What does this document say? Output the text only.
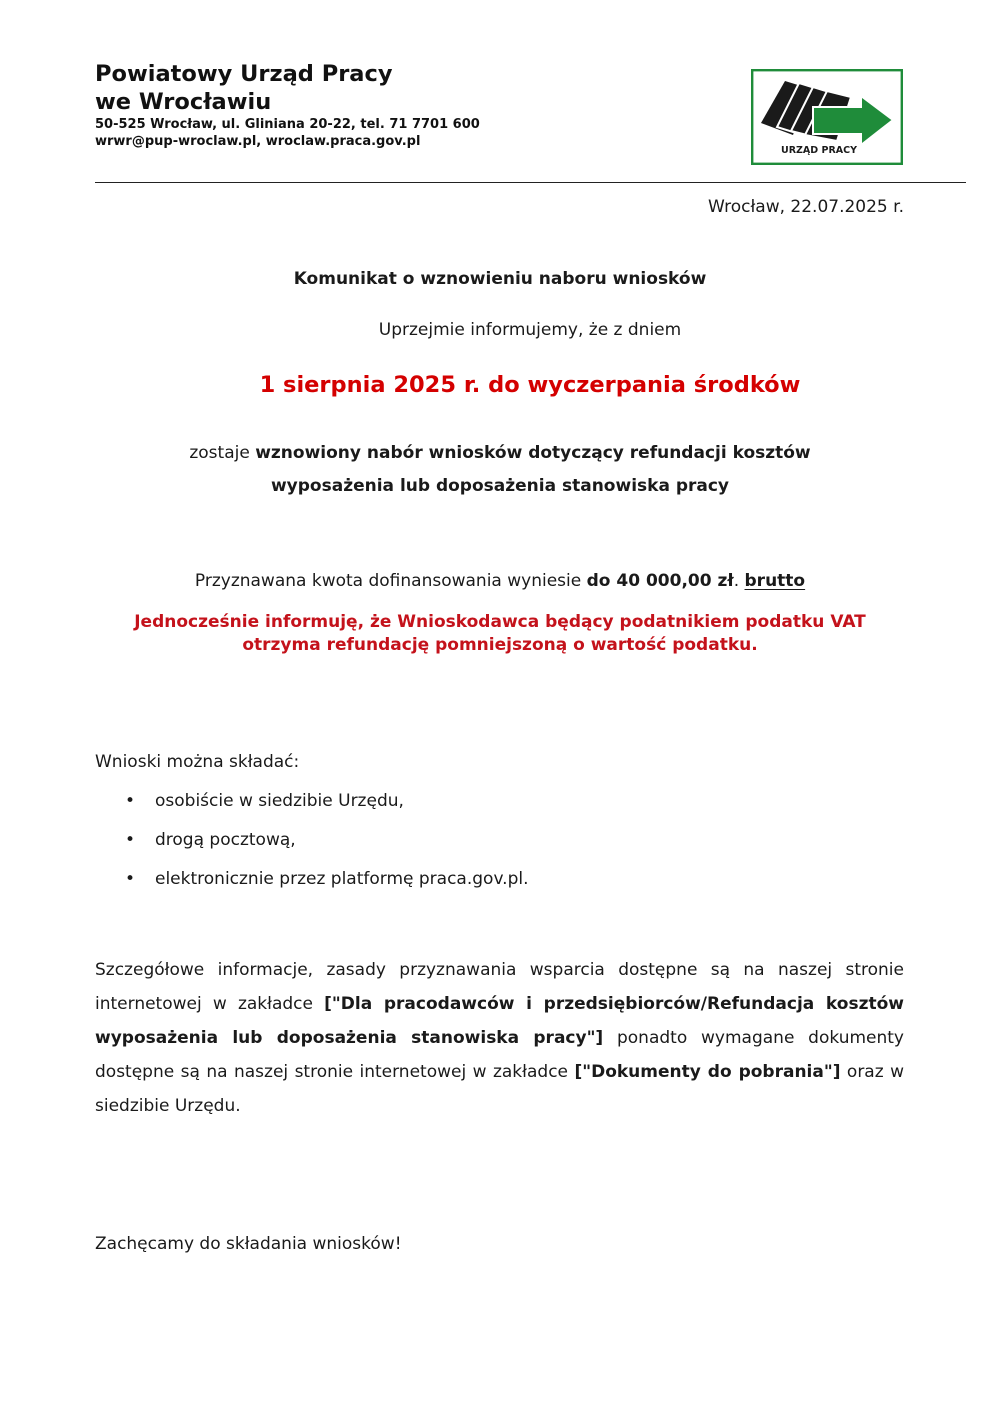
Powiatowy Urząd Pracy
we Wrocławiu
50-525 Wrocław, ul. Gliniana 20-22, tel. 71 7701 600
wrwr@pup-wroclaw.pl, wroclaw.praca.gov.pl
URZĄD PRACY
Wrocław, 22.07.2025 r.
Komunikat o wznowieniu naboru wniosków
Uprzejmie informujemy, że z dniem
1 sierpnia 2025 r. do wyczerpania środków
zostaje wznowiony nabór wniosków dotyczący refundacji kosztów
wyposażenia lub doposażenia stanowiska pracy
Przyznawana kwota dofinansowania wyniesie do 40 000,00 zł. brutto
Jednocześnie informuję, że Wnioskodawca będący podatnikiem podatku VAT
otrzyma refundację pomniejszoną o wartość podatku.
Wnioski można składać:
• osobiście w siedzibie Urzędu,
• drogą pocztową,
• elektronicznie przez platformę praca.gov.pl.
Szczegółowe informacje, zasady przyznawania wsparcia dostępne są na naszej stronie internetowej w zakładce ["Dla pracodawców i przedsiębiorców/Refundacja kosztów wyposażenia lub doposażenia stanowiska pracy"] ponadto wymagane dokumenty dostępne są na naszej stronie internetowej w zakładce ["Dokumenty do pobrania"] oraz w siedzibie Urzędu.
Zachęcamy do składania wniosków!
